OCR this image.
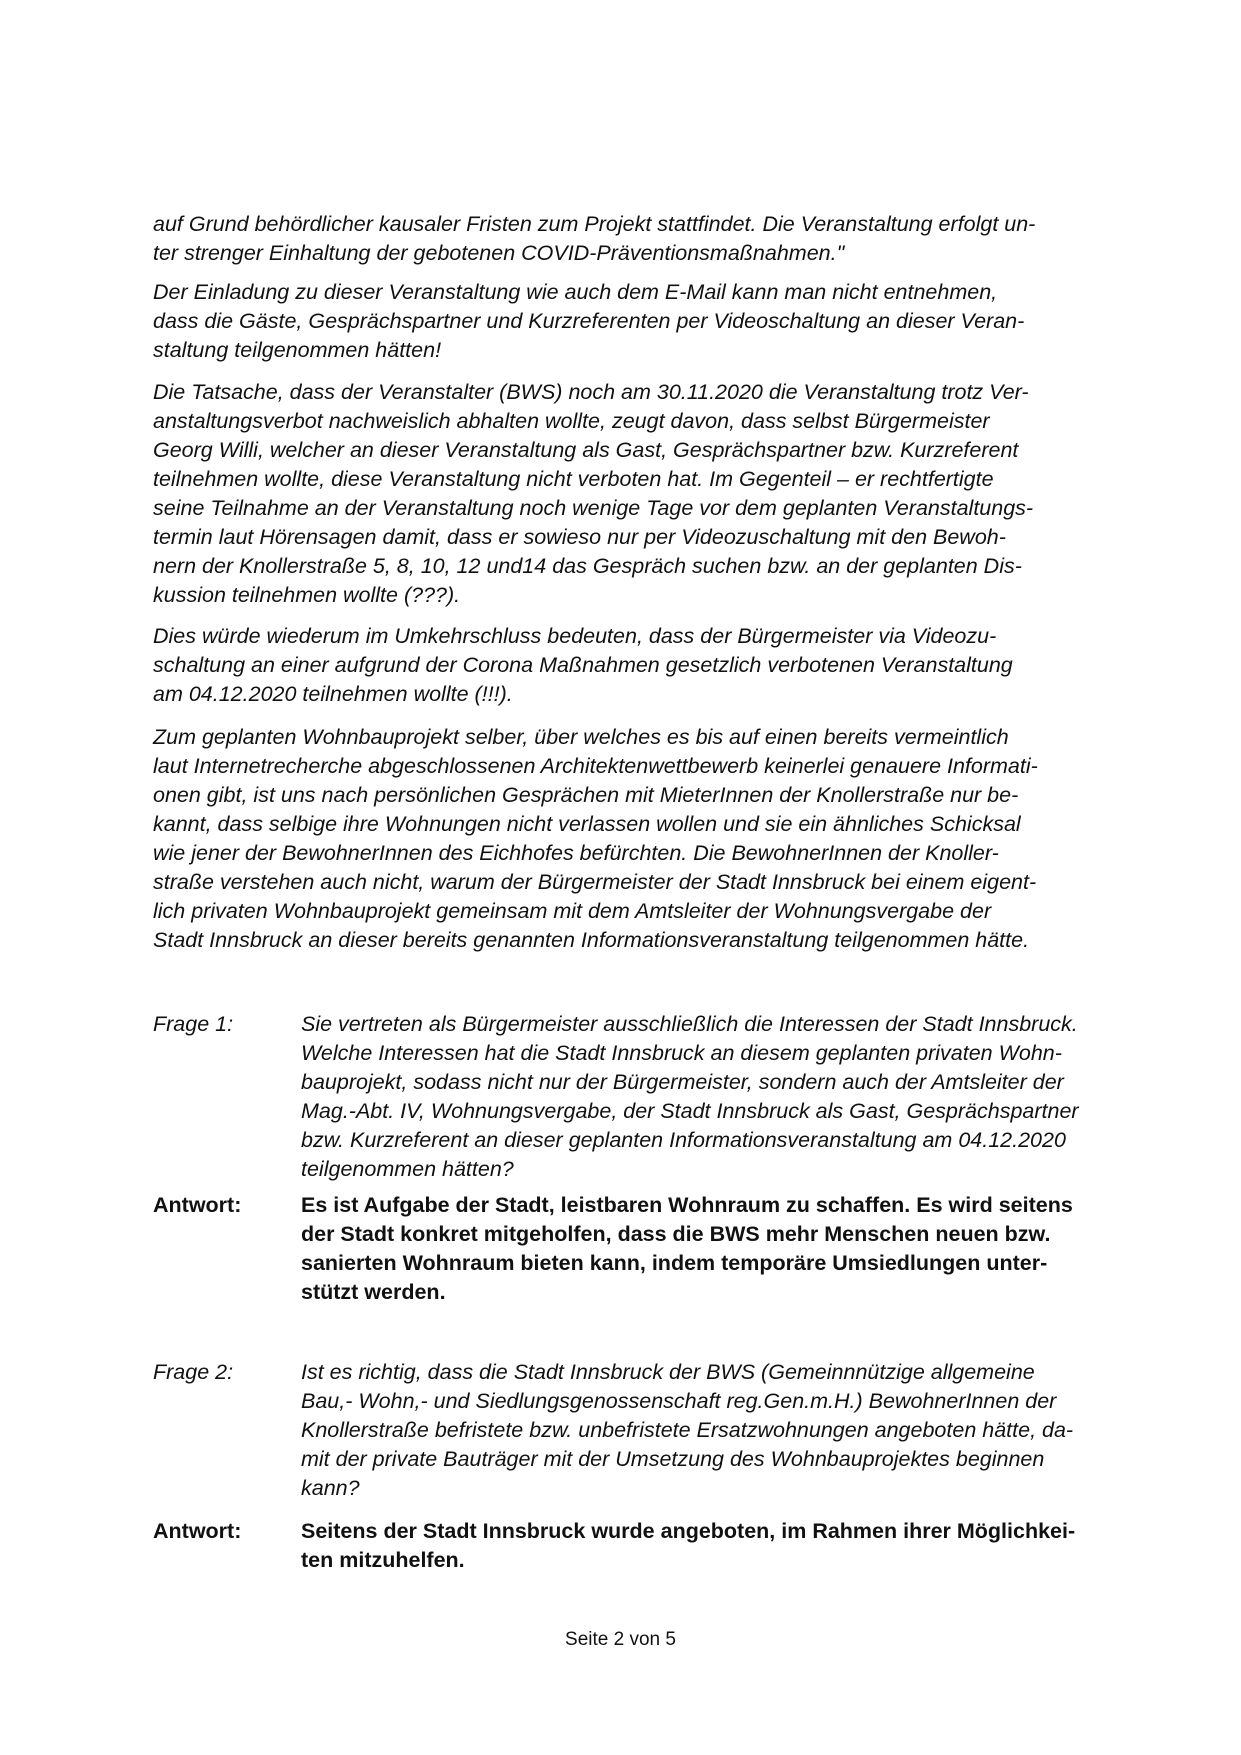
auf Grund behördlicher kausaler Fristen zum Projekt stattfindet. Die Veranstaltung erfolgt un-
ter strenger Einhaltung der gebotenen COVID-Präventionsmaßnahmen."
Der Einladung zu dieser Veranstaltung wie auch dem E-Mail kann man nicht entnehmen,
dass die Gäste, Gesprächspartner und Kurzreferenten per Videoschaltung an dieser Veran-
staltung teilgenommen hätten!
Die Tatsache, dass der Veranstalter (BWS) noch am 30.11.2020 die Veranstaltung trotz Ver-
anstaltungsverbot nachweislich abhalten wollte, zeugt davon, dass selbst Bürgermeister
Georg Willi, welcher an dieser Veranstaltung als Gast, Gesprächspartner bzw. Kurzreferent
teilnehmen wollte, diese Veranstaltung nicht verboten hat. Im Gegenteil – er rechtfertigte
seine Teilnahme an der Veranstaltung noch wenige Tage vor dem geplanten Veranstaltungs-
termin laut Hörensagen damit, dass er sowieso nur per Videozuschaltung mit den Bewoh-
nern der Knollerstraße 5, 8, 10, 12 und14 das Gespräch suchen bzw. an der geplanten Dis-
kussion teilnehmen wollte (???).
Dies würde wiederum im Umkehrschluss bedeuten, dass der Bürgermeister via Videozu-
schaltung an einer aufgrund der Corona Maßnahmen gesetzlich verbotenen Veranstaltung
am 04.12.2020 teilnehmen wollte (!!!).
Zum geplanten Wohnbauprojekt selber, über welches es bis auf einen bereits vermeintlich
laut Internetrecherche abgeschlossenen Architektenwettbewerb keinerlei genauere Informati-
onen gibt, ist uns nach persönlichen Gesprächen mit MieterInnen der Knollerstraße nur be-
kannt, dass selbige ihre Wohnungen nicht verlassen wollen und sie ein ähnliches Schicksal
wie jener der BewohnerInnen des Eichhofes befürchten. Die BewohnerInnen der Knoller-
straße verstehen auch nicht, warum der Bürgermeister der Stadt Innsbruck bei einem eigent-
lich privaten Wohnbauprojekt gemeinsam mit dem Amtsleiter der Wohnungsvergabe der
Stadt Innsbruck an dieser bereits genannten Informationsveranstaltung teilgenommen hätte.
Frage 1:	Sie vertreten als Bürgermeister ausschließlich die Interessen der Stadt Innsbruck.
Welche Interessen hat die Stadt Innsbruck an diesem geplanten privaten Wohn-
bauprojekt, sodass nicht nur der Bürgermeister, sondern auch der Amtsleiter der
Mag.-Abt. IV, Wohnungsvergabe, der Stadt Innsbruck als Gast, Gesprächspartner
bzw. Kurzreferent an dieser geplanten Informationsveranstaltung am 04.12.2020
teilgenommen hätten?
Antwort:	Es ist Aufgabe der Stadt, leistbaren Wohnraum zu schaffen. Es wird seitens
der Stadt konkret mitgeholfen, dass die BWS mehr Menschen neuen bzw.
sanierten Wohnraum bieten kann, indem temporäre Umsiedlungen unter-
stützt werden.
Frage 2:	Ist es richtig, dass die Stadt Innsbruck der BWS (Gemeinnnützige allgemeine
Bau,- Wohn,- und Siedlungsgenossenschaft reg.Gen.m.H.) BewohnerInnen der
Knollerstraße befristete bzw. unbefristete Ersatzwohnungen angeboten hätte, da-
mit der private Bauträger mit der Umsetzung des Wohnbauprojektes beginnen
kann?
Antwort:	Seitens der Stadt Innsbruck wurde angeboten, im Rahmen ihrer Möglichkei-
ten mitzuhelfen.
Seite 2 von 5
